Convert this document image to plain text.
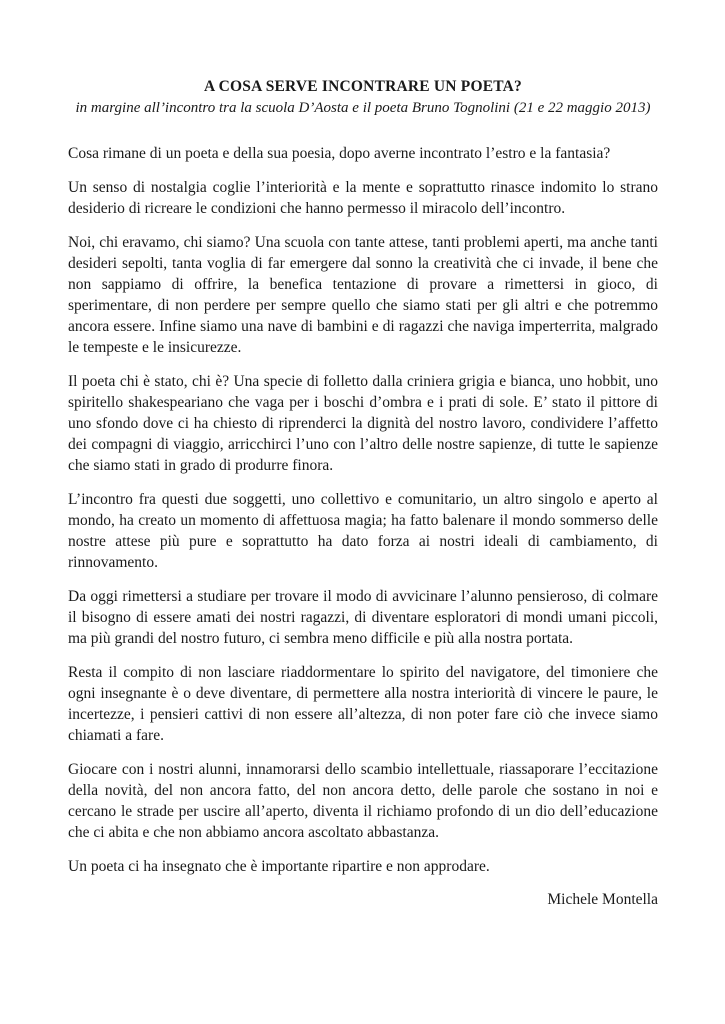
A COSA SERVE INCONTRARE UN POETA?
in margine all’incontro tra la scuola D’Aosta e il poeta Bruno Tognolini (21 e 22 maggio 2013)

Cosa rimane di un poeta e della sua poesia, dopo averne incontrato l’estro e la fantasia?

Un senso di nostalgia coglie l’interiorità e la mente e soprattutto rinasce indomito lo strano desiderio di ricreare le condizioni che hanno permesso il miracolo dell’incontro.

Noi, chi eravamo, chi siamo? Una scuola con tante attese, tanti problemi aperti, ma anche tanti desideri sepolti, tanta voglia di far emergere dal sonno la creatività che ci invade, il bene che non sappiamo di offrire, la benefica tentazione di provare a rimettersi in gioco, di sperimentare, di non perdere per sempre quello che siamo stati per gli altri e che potremmo ancora essere. Infine siamo una nave di bambini e di ragazzi che naviga imperterrita, malgrado le tempeste e le insicurezze.

Il poeta chi è stato, chi è? Una specie di folletto dalla criniera grigia e bianca, uno hobbit, uno spiritello shakespeariano che vaga per i boschi d’ombra e i prati di sole. E’ stato il pittore di uno sfondo dove ci ha chiesto di riprenderci la dignità del nostro lavoro, condividere l’affetto dei compagni di viaggio, arricchirci l’uno con l’altro delle nostre sapienze, di tutte le sapienze che siamo stati in grado di produrre finora.

L’incontro fra questi due soggetti, uno collettivo e comunitario, un altro singolo e aperto al mondo, ha creato un momento di affettuosa magia; ha fatto balenare il mondo sommerso delle nostre attese più pure e soprattutto ha dato forza ai nostri ideali di cambiamento, di rinnovamento.

Da oggi rimettersi a studiare per trovare il modo di avvicinare l’alunno pensieroso, di colmare il bisogno di essere amati dei nostri ragazzi, di diventare esploratori di mondi umani piccoli, ma più grandi del nostro futuro, ci sembra meno difficile e più alla nostra portata.

Resta il compito di non lasciare riaddormentare lo spirito del navigatore, del timoniere che ogni insegnante è o deve diventare, di permettere alla nostra interiorità di vincere le paure, le incertezze, i pensieri cattivi di non essere all’altezza, di non poter fare ciò che invece siamo chiamati a fare.

Giocare con i nostri alunni, innamorarsi dello scambio intellettuale, riassaporare l’eccitazione della novità, del non ancora fatto, del non ancora detto, delle parole che sostano in noi e cercano le strade per uscire all’aperto, diventa il richiamo profondo di un dio dell’educazione che ci abita e che non abbiamo ancora ascoltato abbastanza.

Un poeta ci ha insegnato che è importante ripartire e non approdare.

Michele Montella
